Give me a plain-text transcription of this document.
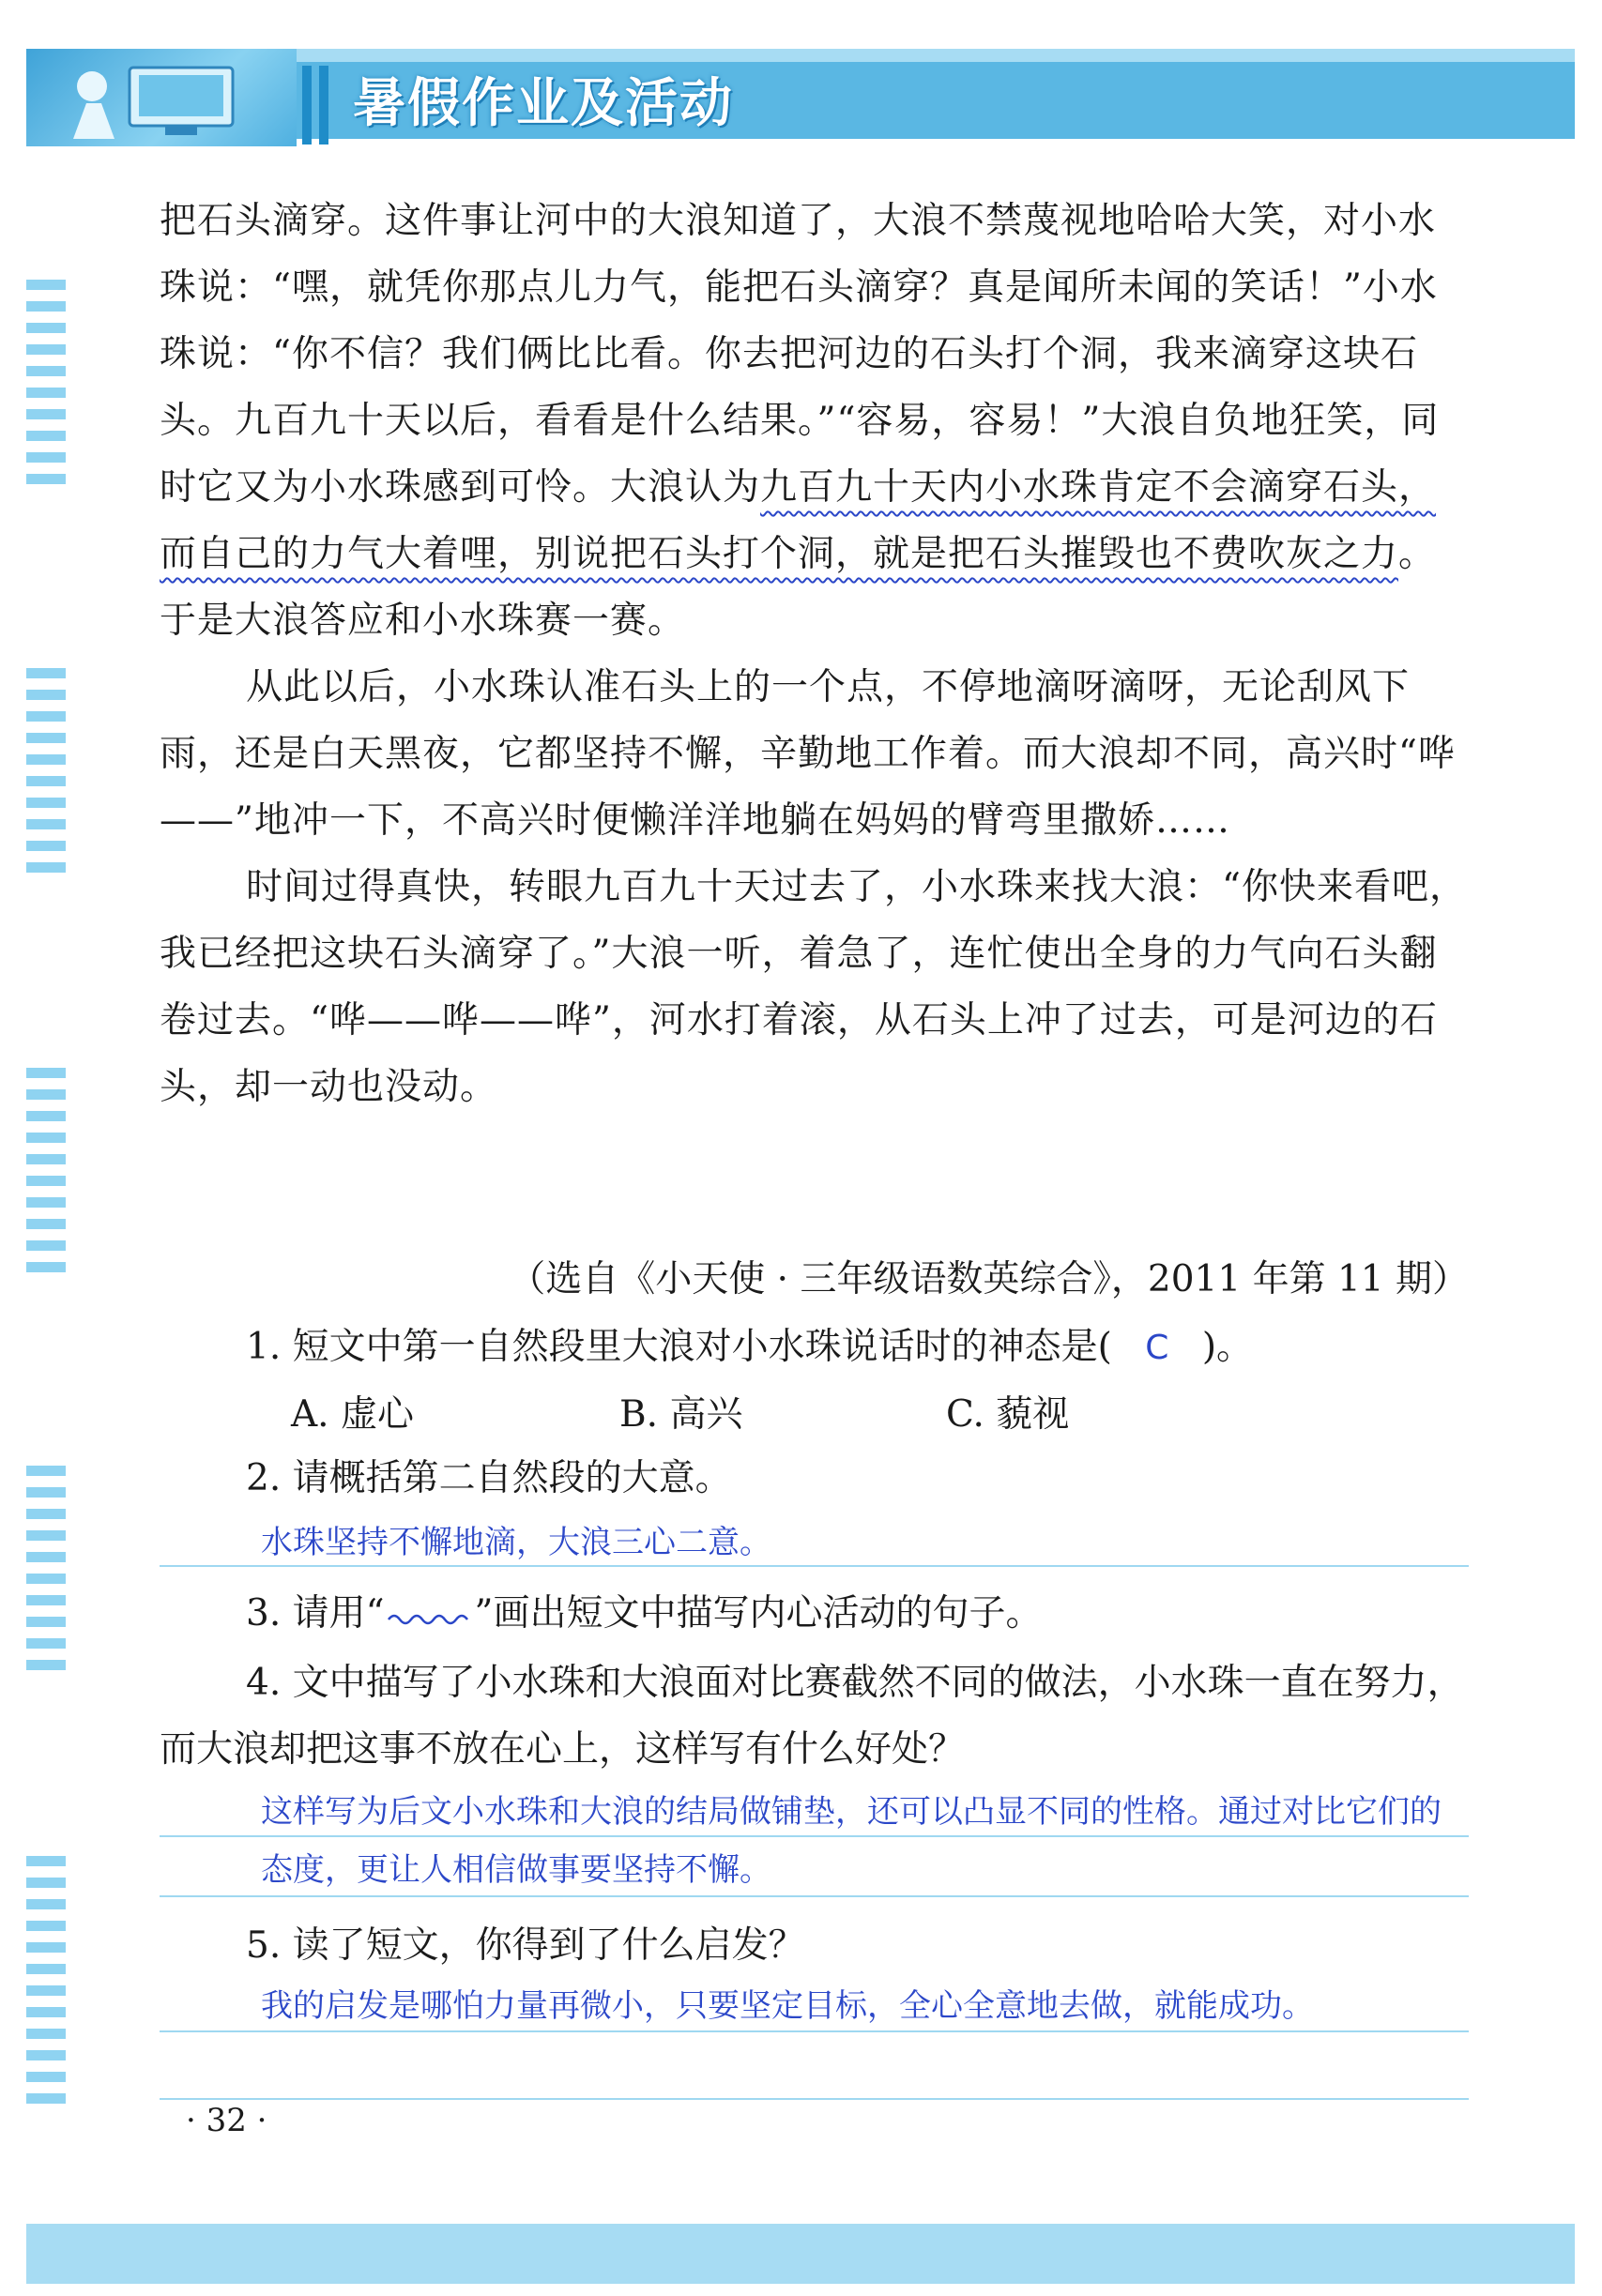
暑假作业及活动

把石头滴穿。这件事让河中的大浪知道了，大浪不禁蔑视地哈哈大笑，对小水珠说：“嘿，就凭你那点儿力气，能把石头滴穿？真是闻所未闻的笑话！”小水珠说：“你不信？我们俩比比看。你去把河边的石头打个洞，我来滴穿这块石头。九百九十天以后，看看是什么结果。”“容易，容易！”大浪自负地狂笑，同时它又为小水珠感到可怜。大浪认为九百九十天内小水珠肯定不会滴穿石头，而自己的力气大着哩，别说把石头打个洞，就是把石头摧毁也不费吹灰之力。于是大浪答应和小水珠赛一赛。

从此以后，小水珠认准石头上的一个点，不停地滴呀滴呀，无论刮风下雨，还是白天黑夜，它都坚持不懈，辛勤地工作着。而大浪却不同，高兴时“哗——”地冲一下，不高兴时便懒洋洋地躺在妈妈的臂弯里撒娇……

时间过得真快，转眼九百九十天过去了，小水珠来找大浪：“你快来看吧，我已经把这块石头滴穿了。”大浪一听，着急了，连忙使出全身的力气向石头翻卷过去。“哗——哗——哗”，河水打着滚，从石头上冲了过去，可是河边的石头，却一动也没动。

（选自《小天使 · 三年级语数英综合》，2011 年第 11 期）
1. 短文中第一自然段里大浪对小水珠说话时的神态是( C )。
A. 虚心	B. 高兴	C. 藐视
2. 请概括第二自然段的大意。
水珠坚持不懈地滴，大浪三心二意。
3. 请用“ ”画出短文中描写内心活动的句子。
4. 文中描写了小水珠和大浪面对比赛截然不同的做法，小水珠一直在努力，而大浪却把这事不放在心上，这样写有什么好处？
这样写为后文小水珠和大浪的结局做铺垫，还可以凸显不同的性格。通过对比它们的态度，更让人相信做事要坚持不懈。
5. 读了短文，你得到了什么启发？
我的启发是哪怕力量再微小，只要坚定目标，全心全意地去做，就能成功。
· 32 ·
